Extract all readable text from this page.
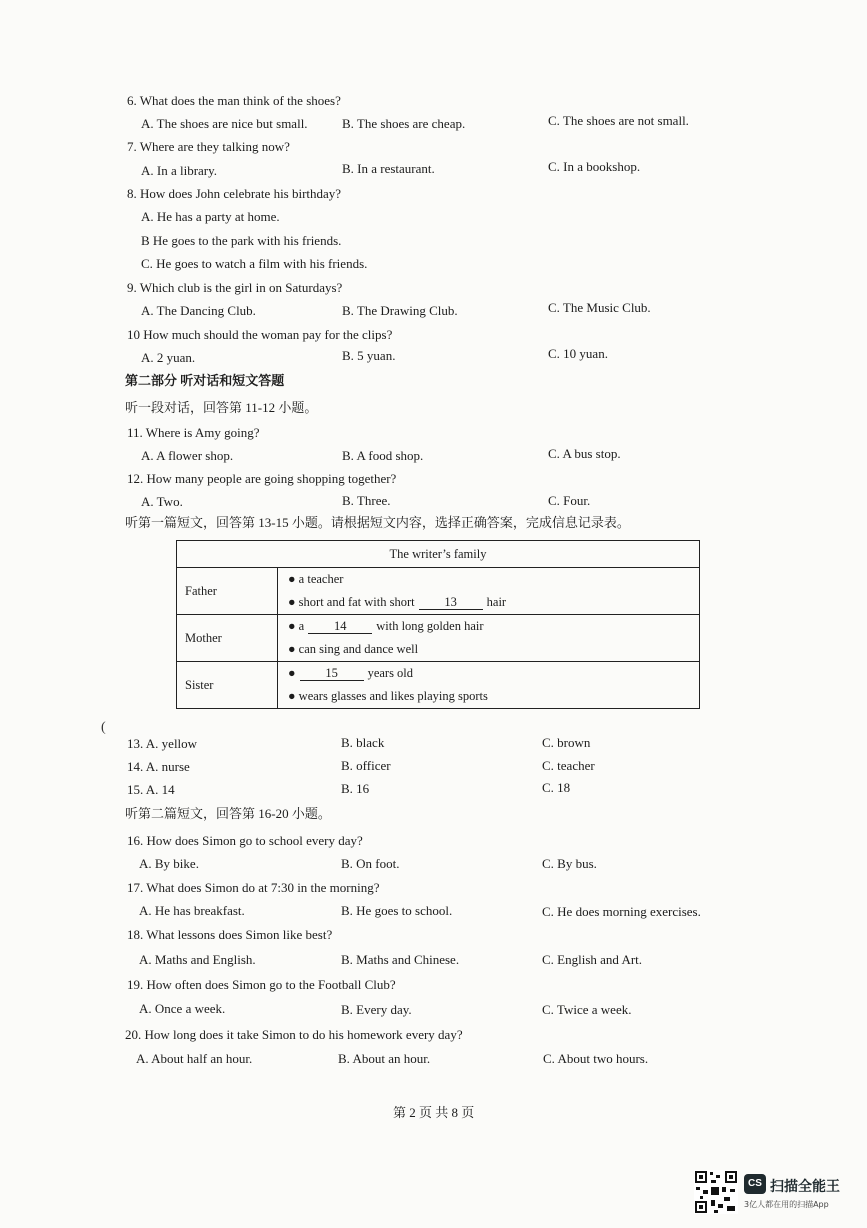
6. What does the man think of the shoes?
A. The shoes are nice but small.	B. The shoes are cheap.	C. The shoes are not small.
7. Where are they talking now?
A. In a library.	B. In a restaurant.	C. In a bookshop.
8. How does John celebrate his birthday?
A. He has a party at home.
B He goes to the park with his friends.
C. He goes to watch a film with his friends.
9. Which club is the girl in on Saturdays?
A. The Dancing Club.	B. The Drawing Club.	C. The Music Club.
10 How much should the woman pay for the clips?
A. 2 yuan.	B. 5 yuan.	C. 10 yuan.
第二部分 听对话和短文答题
听一段对话，回答第 11-12 小题。
11. Where is Amy going?
A. A flower shop.	B. A food shop.	C. A bus stop.
12. How many people are going shopping together?
A. Two.	B. Three.	C. Four.
听第一篇短文，回答第 13-15 小题。请根据短文内容，选择正确答案，完成信息记录表。
The writer’s family	
Father	● a teacher
● short and fat with short 13 hair

Mother	● a 14 with long golden hair
● can sing and dance well

Sister	● 15 years old
● wears glasses and likes playing sports
(
13. A. yellow	B. black	C. brown
14. A. nurse	B. officer	C. teacher
15. A. 14	B. 16	C. 18
听第二篇短文，回答第 16-20 小题。
16. How does Simon go to school every day?
A. By bike.	B. On foot.	C. By bus.
17. What does Simon do at 7:30 in the morning?
A. He has breakfast.	B. He goes to school.	C. He does morning exercises.
18. What lessons does Simon like best?
A. Maths and English.	B. Maths and Chinese.	C. English and Art.
19. How often does Simon go to the Football Club?
A. Once a week.	B. Every day.	C. Twice a week.
20. How long does it take Simon to do his homework every day?
A. About half an hour.	B. About an hour.	C. About two hours.
第 2 页 共 8 页
CS 扫描全能王
3亿人都在用的扫描App
